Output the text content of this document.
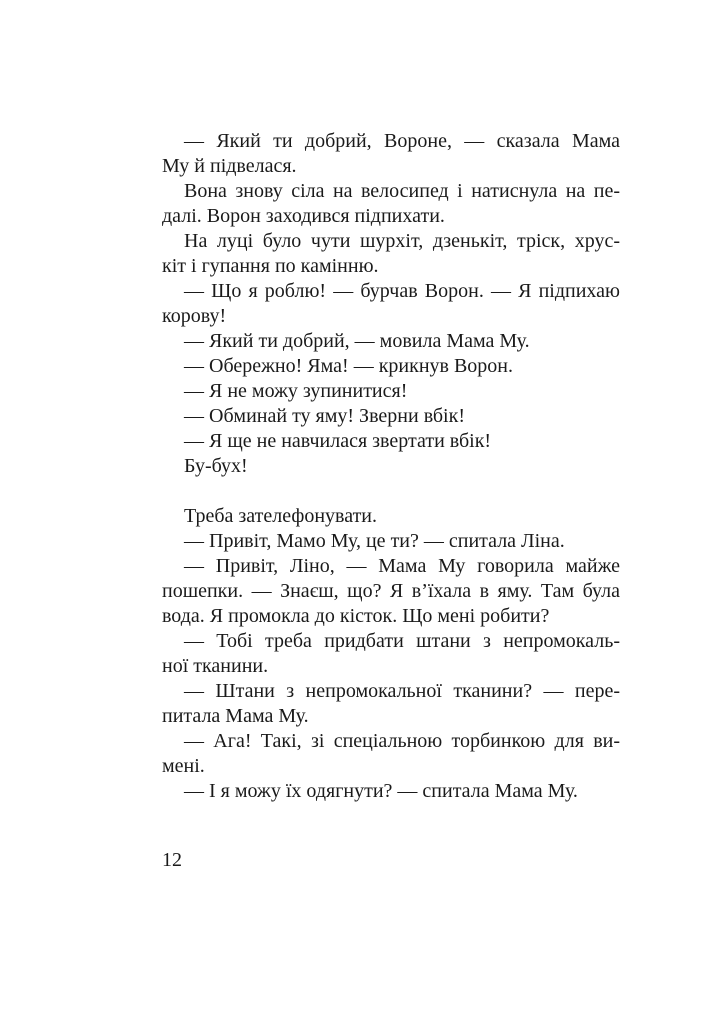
— Який ти добрий, Вороне, — сказала Мама
Му й підвелася.
Вона знову сіла на велосипед і натиснула на пе-
далі. Ворон заходився підпихати.
На луці було чути шурхіт, дзенькіт, тріск, хрус-
кіт і гупання по камінню.
— Що я роблю! — бурчав Ворон. — Я підпихаю
корову!
— Який ти добрий, — мовила Мама Му.
— Обережно! Яма! — крикнув Ворон.
— Я не можу зупинитися!
— Обминай ту яму! Зверни вбік!
— Я ще не навчилася звертати вбік!
Бу-бух!
Треба зателефонувати.
— Привіт, Мамо Му, це ти? — спитала Ліна.
— Привіт, Ліно, — Мама Му говорила майже
пошепки. — Знаєш, що? Я в’їхала в яму. Там була
вода. Я промокла до кісток. Що мені робити?
— Тобі треба придбати штани з непромокаль-
ної тканини.
— Штани з непромокальної тканини? — пере-
питала Мама Му.
— Ага! Такі, зі спеціальною торбинкою для ви-
мені.
— І я можу їх одягнути? — спитала Мама Му.
12
